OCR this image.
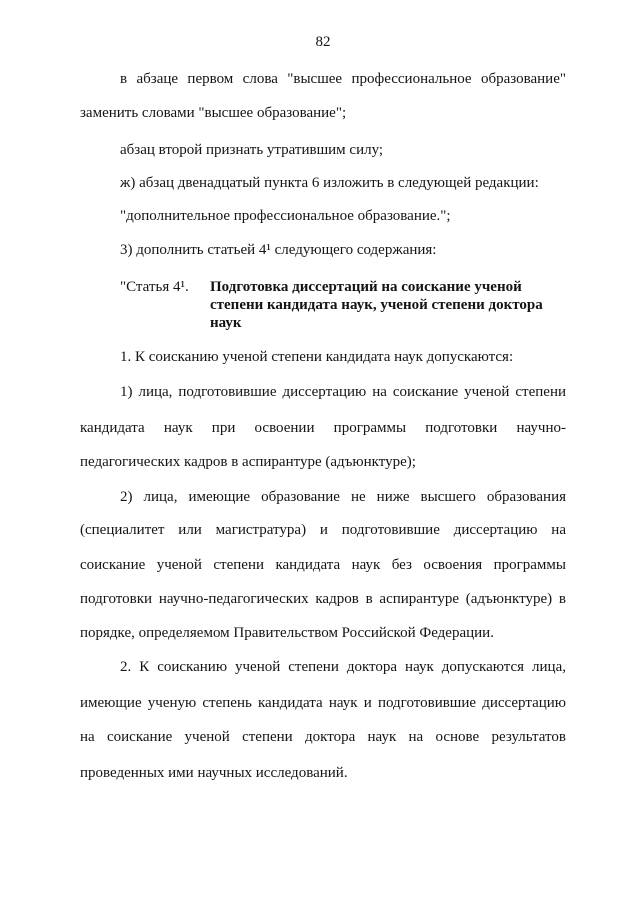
82
в абзаце первом слова "высшее профессиональное образование"
заменить словами "высшее образование";
абзац второй признать утратившим силу;
ж) абзац двенадцатый пункта 6 изложить в следующей редакции:
"дополнительное профессиональное образование.";
3) дополнить статьей 4¹ следующего содержания:
"Статья 4¹. Подготовка диссертаций на соискание ученой
степени кандидата наук, ученой степени доктора
наук
1. К соисканию ученой степени кандидата наук допускаются:
1) лица, подготовившие диссертацию на соискание ученой степени
кандидата наук при освоении программы подготовки научно-
педагогических кадров в аспирантуре (адъюнктуре);
2) лица, имеющие образование не ниже высшего образования
(специалитет или магистратура) и подготовившие диссертацию на
соискание ученой степени кандидата наук без освоения программы
подготовки научно-педагогических кадров в аспирантуре (адъюнктуре) в
порядке, определяемом Правительством Российской Федерации.
2. К соисканию ученой степени доктора наук допускаются лица,
имеющие ученую степень кандидата наук и подготовившие диссертацию
на соискание ученой степени доктора наук на основе результатов
проведенных ими научных исследований.
